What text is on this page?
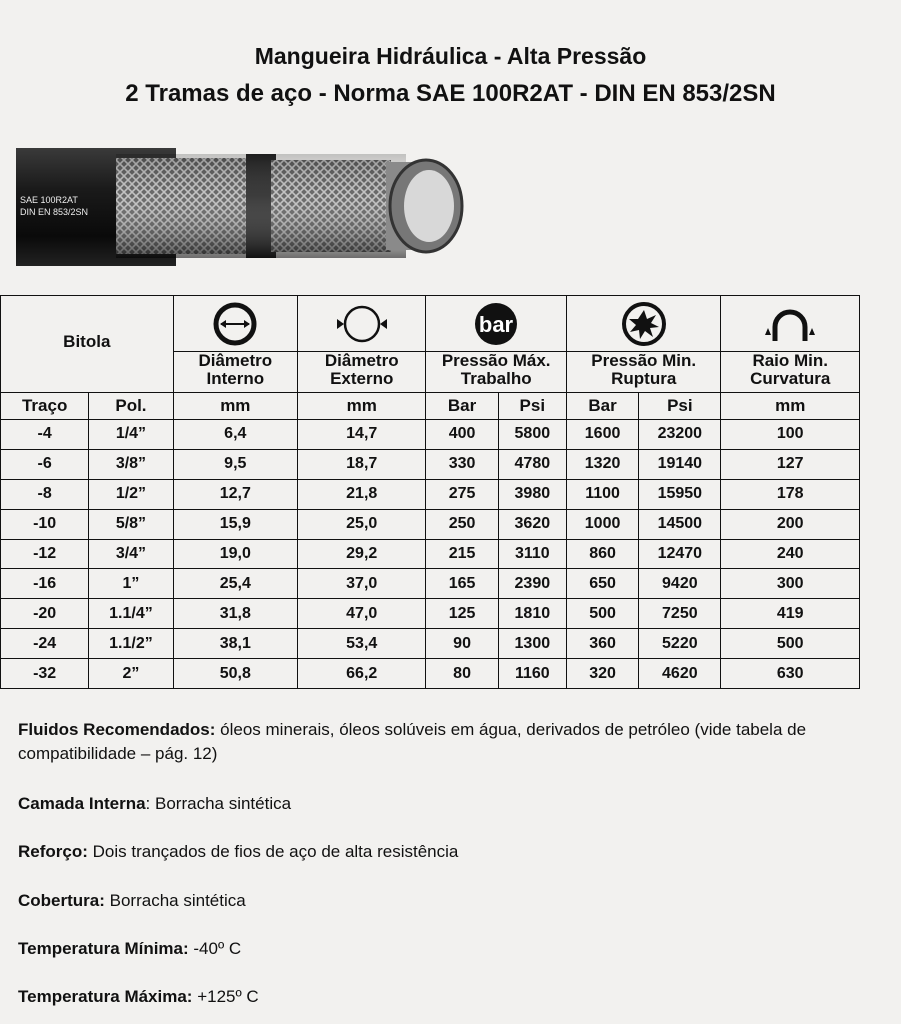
Mangueira Hidráulica - Alta Pressão
2 Tramas de aço - Norma SAE 100R2AT - DIN EN 853/2SN
SAE 100R2AT
DIN EN 853/2SN
Bitola				bar

		Diâmetro Interno	Diâmetro Externo	Pressão Máx. Trabalho		Pressão Min. Ruptura		Raio Min. Curvatura
Traço	Pol.	mm	mm	Bar	Psi	Bar	Psi	mm
-4	1/4”	6,4	14,7	400	5800	1600	23200	100
-6	3/8”	9,5	18,7	330	4780	1320	19140	127
-8	1/2”	12,7	21,8	275	3980	1100	15950	178
-10	5/8”	15,9	25,0	250	3620	1000	14500	200
-12	3/4”	19,0	29,2	215	3110	860	12470	240
-16	1”	25,4	37,0	165	2390	650	9420	300
-20	1.1/4”	31,8	47,0	125	1810	500	7250	419
-24	1.1/2”	38,1	53,4	90	1300	360	5220	500
-32	2”	50,8	66,2	80	1160	320	4620	630
Fluidos Recomendados: óleos minerais, óleos solúveis em água, derivados de petróleo (vide tabela de compatibilidade – pág. 12)
Camada Interna: Borracha sintética
Reforço: Dois trançados de fios de aço de alta resistência
Cobertura: Borracha sintética
Temperatura Mínima: -40º C
Temperatura Máxima: +125º C
